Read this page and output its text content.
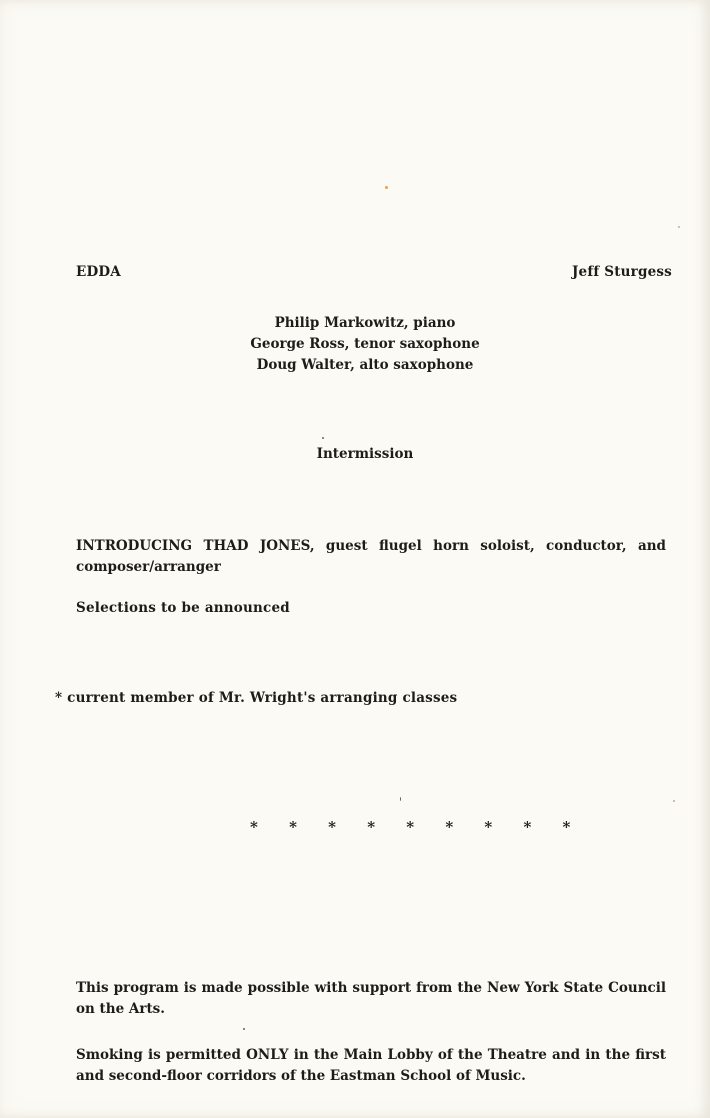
EDDA	Jeff Sturgess
Philip Markowitz, piano
George Ross, tenor saxophone
Doug Walter, alto saxophone
Intermission
INTRODUCING THAD JONES, guest flugel horn soloist, conductor, and composer/arranger
Selections to be announced
* current member of Mr. Wright's arranging classes
* * * * * * * * *
This program is made possible with support from the New York State Council on the Arts.
Smoking is permitted ONLY in the Main Lobby of the Theatre and in the first and second-floor corridors of the Eastman School of Music.
